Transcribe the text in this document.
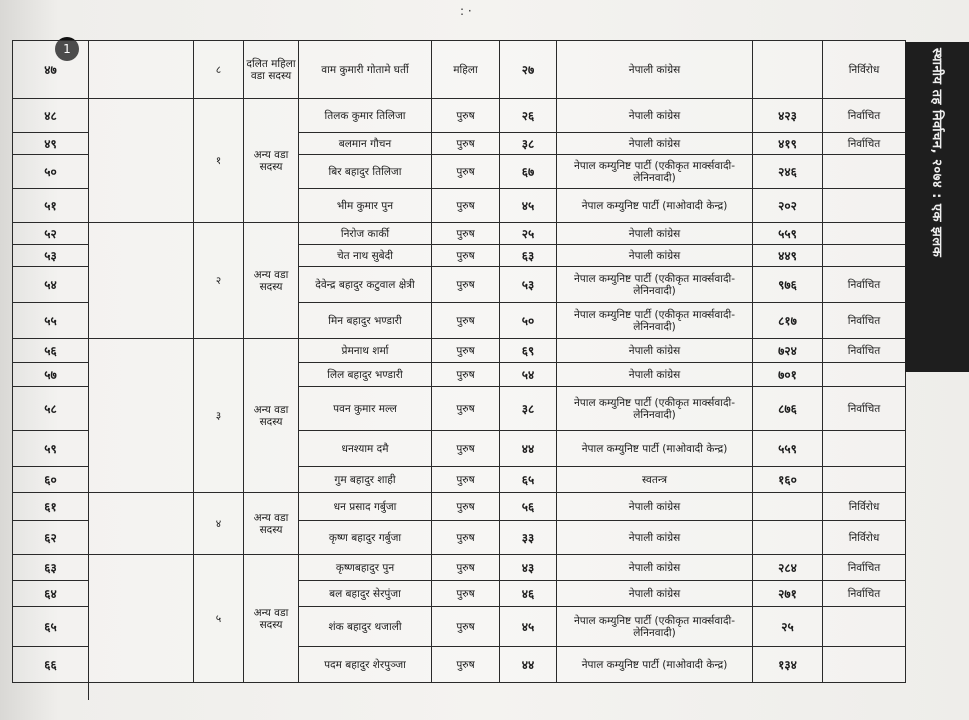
: ·
1
४७		८	दलित महिला वडा सदस्य	वाम कुमारी गोतामे घर्ती	महिला	२७	नेपाली कांग्रेस		निर्विरोध
४८		१	अन्य वडा सदस्य	तिलक कुमार तिलिजा	पुरुष	२६	नेपाली कांग्रेस	४२३	निर्वाचित
४९				बलमान गौचन	पुरुष	३८	नेपाली कांग्रेस	४१९	निर्वाचित
५०				बिर बहादुर तिलिजा	पुरुष	६७	नेपाल कम्युनिष्ट पार्टी (एकीकृत मार्क्सवादी-लेनिनवादी)	२४६	
५१				भीम कुमार पुन	पुरुष	४५	नेपाल कम्युनिष्ट पार्टी (माओवादी केन्द्र)	२०२	
५२		२	अन्य वडा सदस्य	निरोज कार्की	पुरुष	२५	नेपाली कांग्रेस	५५९	
५३				चेत नाथ सुबेदी	पुरुष	६३	नेपाली कांग्रेस	४४९	
५४				देवेन्द्र बहादुर कटुवाल क्षेत्री	पुरुष	५३	नेपाल कम्युनिष्ट पार्टी (एकीकृत मार्क्सवादी-लेनिनवादी)	९७६	निर्वाचित
५५				मिन बहादुर भण्डारी	पुरुष	५०	नेपाल कम्युनिष्ट पार्टी (एकीकृत मार्क्सवादी-लेनिनवादी)	८१७	निर्वाचित
५६		३	अन्य वडा सदस्य	प्रेमनाथ शर्मा	पुरुष	६९	नेपाली कांग्रेस	७२४	निर्वाचित
५७				लिल बहादुर भण्डारी	पुरुष	५४	नेपाली कांग्रेस	७०१	
५८				पवन कुमार मल्ल	पुरुष	३८	नेपाल कम्युनिष्ट पार्टी (एकीकृत मार्क्सवादी-लेनिनवादी)	८७६	निर्वाचित
५९				धनश्याम दमै	पुरुष	४४	नेपाल कम्युनिष्ट पार्टी (माओवादी केन्द्र)	५५९	
६०				गुम बहादुर शाही	पुरुष	६५	स्वतन्त्र	१६०	
६१		४	अन्य वडा सदस्य	धन प्रसाद गर्बुजा	पुरुष	५६	नेपाली कांग्रेस		निर्विरोध
६२				कृष्ण बहादुर गर्बुजा	पुरुष	३३	नेपाली कांग्रेस		निर्विरोध
६३		५	अन्य वडा सदस्य	कृष्णबहादुर पुन	पुरुष	४३	नेपाली कांग्रेस	२८४	निर्वाचित
६४				बल बहादुर सेरपुंजा	पुरुष	४६	नेपाली कांग्रेस	२७१	निर्वाचित
६५				शंक बहादुर थजाली	पुरुष	४५	नेपाल कम्युनिष्ट पार्टी (एकीकृत मार्क्सवादी-लेनिनवादी)	२५	
६६				पदम बहादुर शेरपुञ्जा	पुरुष	४४	नेपाल कम्युनिष्ट पार्टी (माओवादी केन्द्र)	१३४	
स्थानीय तह निर्वाचन, २०७४ : एक झलक
